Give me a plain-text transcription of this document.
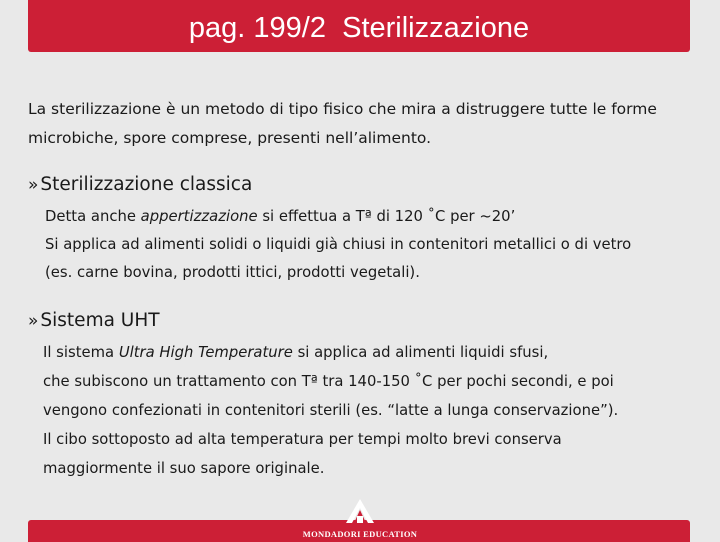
pag. 199/2  Sterilizzazione

La sterilizzazione è un metodo di tipo fisico che mira a distruggere tutte le forme microbiche, spore comprese, presenti nell’alimento.

» Sterilizzazione classica
Detta anche appertizzazione si effettua a Tª di 120 ˚C per ~20’
Si applica ad alimenti solidi o liquidi già chiusi in contenitori metallici o di vetro
(es. carne bovina, prodotti ittici, prodotti vegetali).
» Sistema UHT
Il sistema Ultra High Temperature si applica ad alimenti liquidi sfusi,
che subiscono un trattamento con Tª tra 140-150 ˚C per pochi secondi, e poi
vengono confezionati in contenitori sterili (es. “latte a lunga conservazione”).
Il cibo sottoposto ad alta temperatura per tempi molto brevi conserva
maggiormente il suo sapore originale.
MONDADORI EDUCATION
